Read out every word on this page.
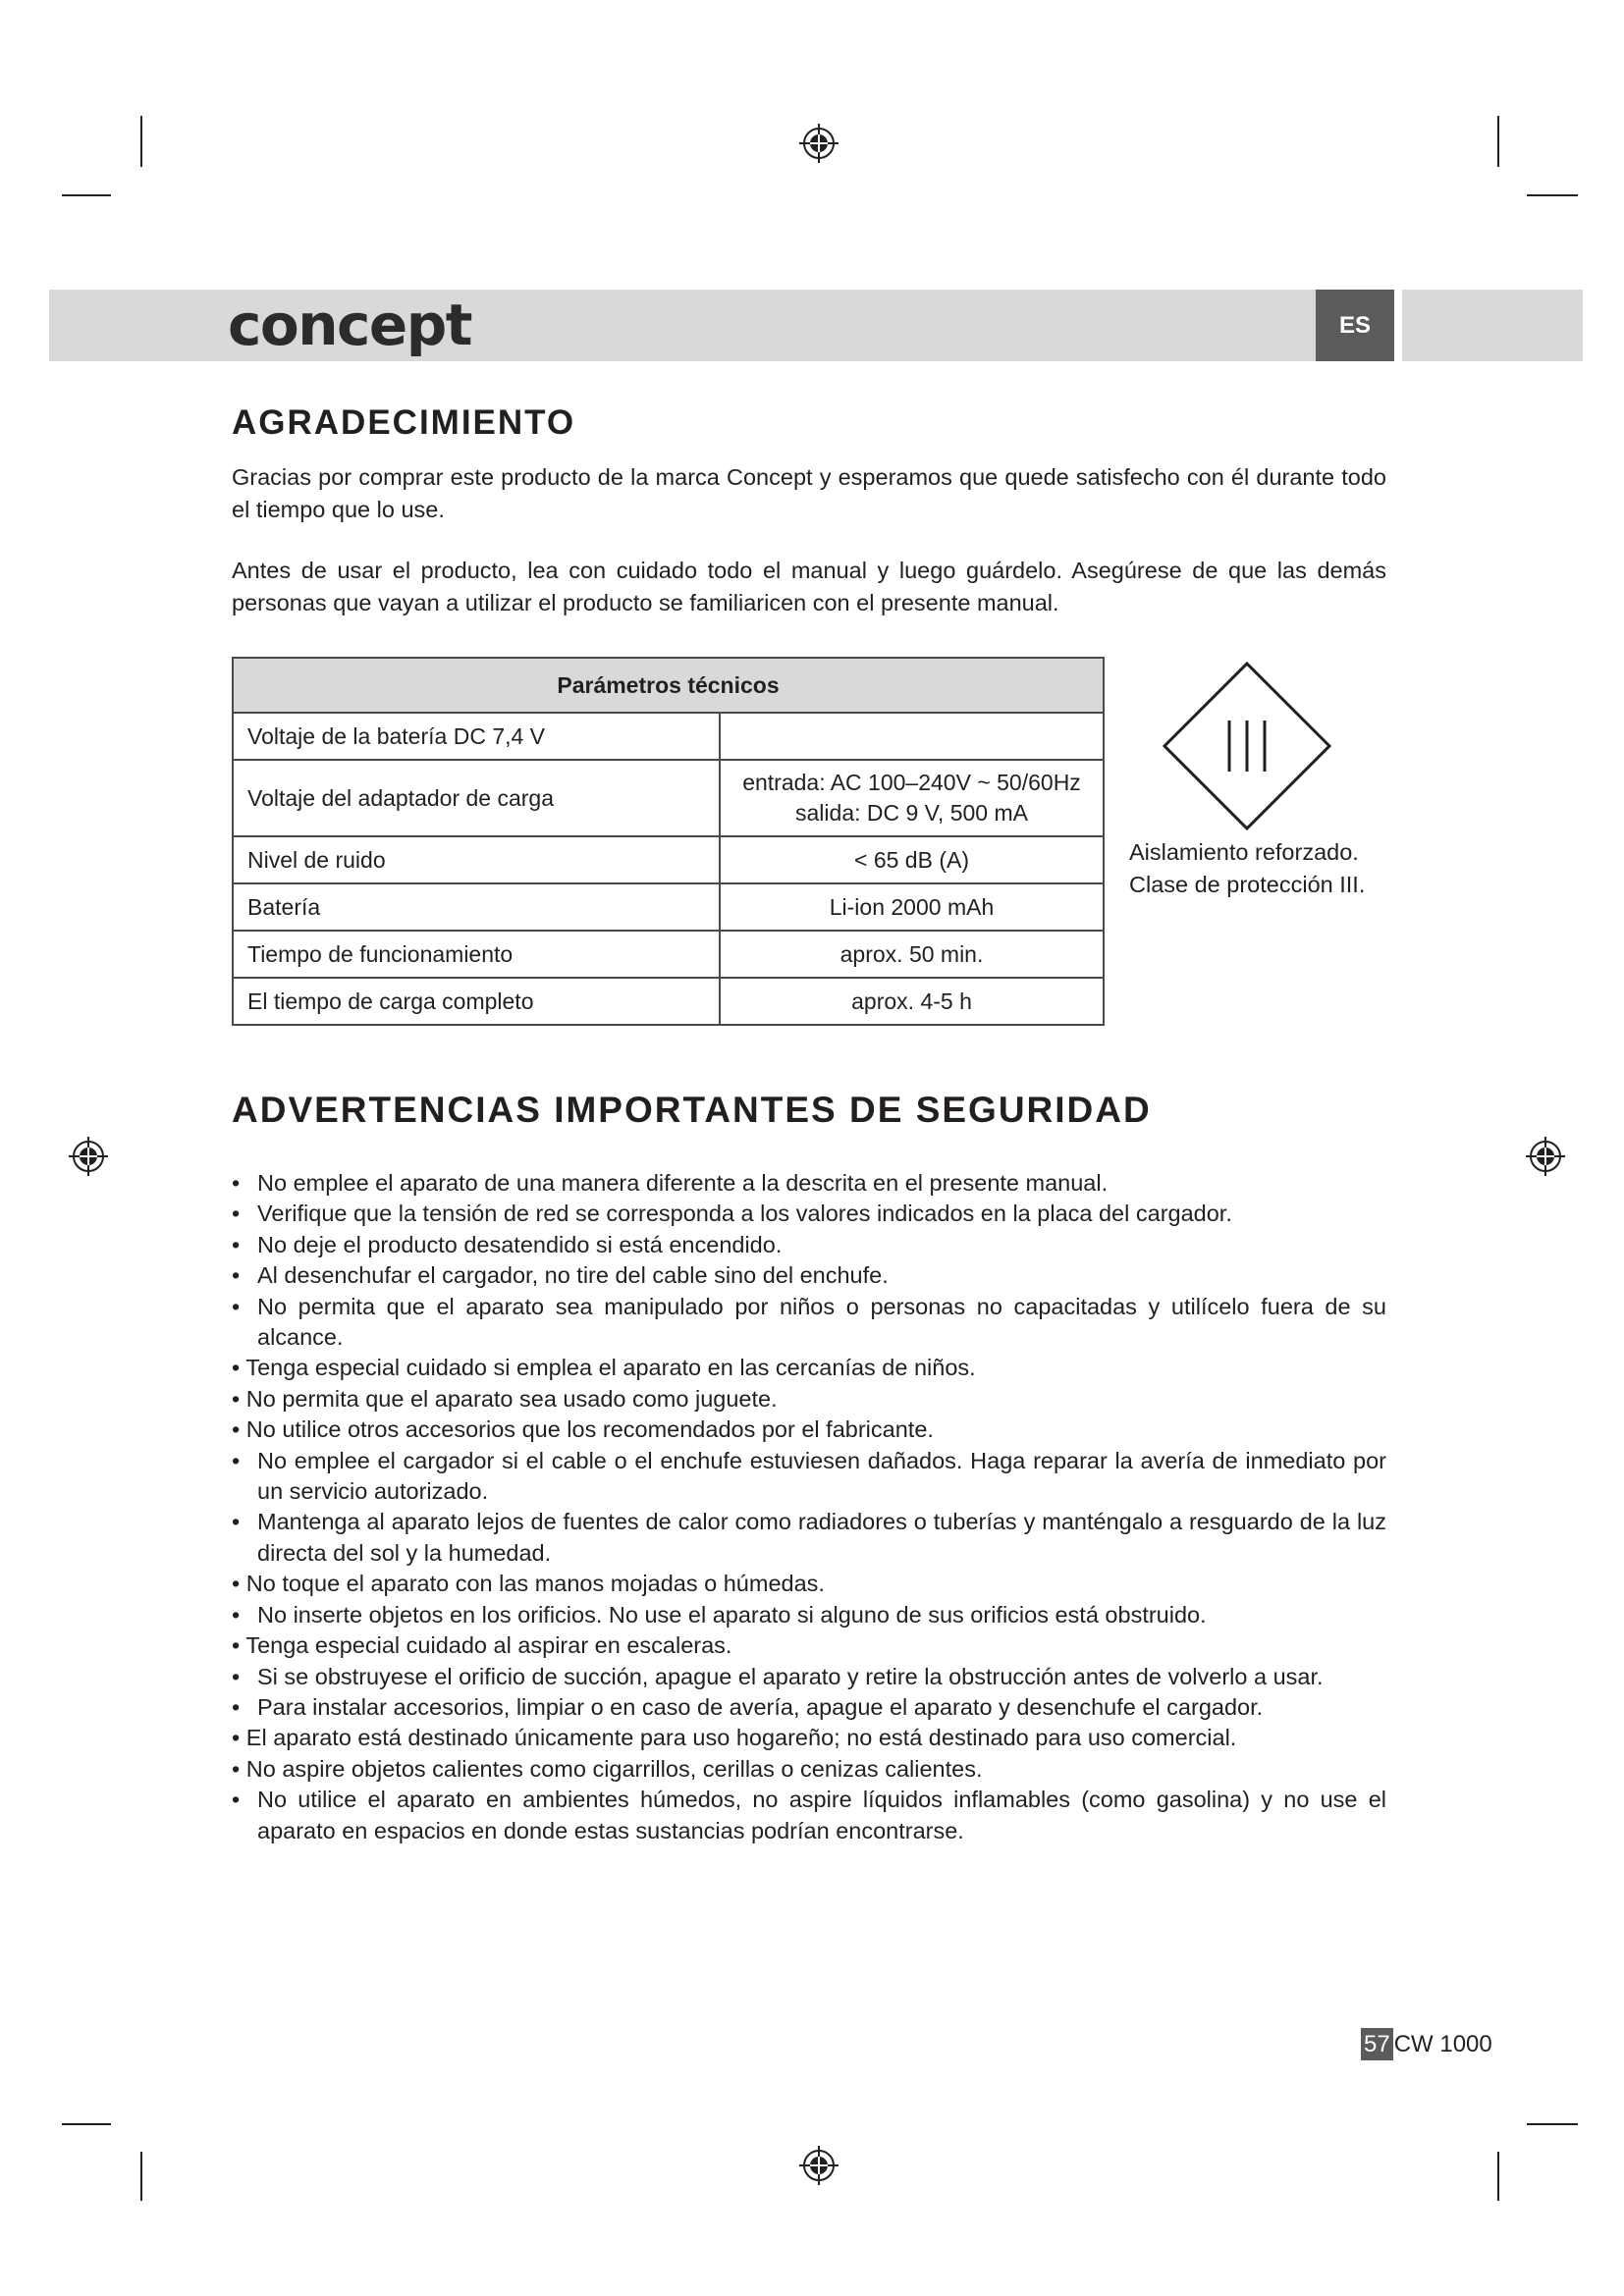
concept	ES
AGRADECIMIENTO

Gracias por comprar este producto de la marca Concept y esperamos que quede satisfecho con él durante todo el tiempo que lo use.

Antes de usar el producto, lea con cuidado todo el manual y luego guárdelo. Asegúrese de que las demás personas que vayan a utilizar el producto se familiaricen con el presente manual.

Parámetros técnicos	
Voltaje de la batería DC 7,4 V	
Voltaje del adaptador de carga	entrada: AC 100–240V ~ 50/60Hz
salida: DC 9 V, 500 mA

Nivel de ruido	< 65 dB (A)
Batería	Li-ion 2000 mAh
Tiempo de funcionamiento	aprox. 50 min.
El tiempo de carga completo	aprox. 4-5 h
Aislamiento reforzado.
Clase de protección III.
ADVERTENCIAS IMPORTANTES DE SEGURIDAD
• No emplee el aparato de una manera diferente a la descrita en el presente manual.
• Verifique que la tensión de red se corresponda a los valores indicados en la placa del cargador.
• No deje el producto desatendido si está encendido.
• Al desenchufar el cargador, no tire del cable sino del enchufe.
• No permita que el aparato sea manipulado por niños o personas no capacitadas y utilícelo fuera de su alcance.
• Tenga especial cuidado si emplea el aparato en las cercanías de niños.
• No permita que el aparato sea usado como juguete.
• No utilice otros accesorios que los recomendados por el fabricante.
• No emplee el cargador si el cable o el enchufe estuviesen dañados. Haga reparar la avería de inmediato por un servicio autorizado.
• Mantenga al aparato lejos de fuentes de calor como radiadores o tuberías y manténgalo a resguardo de la luz directa del sol y la humedad.
• No toque el aparato con las manos mojadas o húmedas.
• No inserte objetos en los orificios. No use el aparato si alguno de sus orificios está obstruido.
• Tenga especial cuidado al aspirar en escaleras.
• Si se obstruyese el orificio de succión, apague el aparato y retire la obstrucción antes de volverlo a usar.
• Para instalar accesorios, limpiar o en caso de avería, apague el aparato y desenchufe el cargador.
• El aparato está destinado únicamente para uso hogareño; no está destinado para uso comercial.
• No aspire objetos calientes como cigarrillos, cerillas o cenizas calientes.
• No utilice el aparato en ambientes húmedos, no aspire líquidos inflamables (como gasolina) y no use el aparato en espacios en donde estas sustancias podrían encontrarse.
57 CW 1000
